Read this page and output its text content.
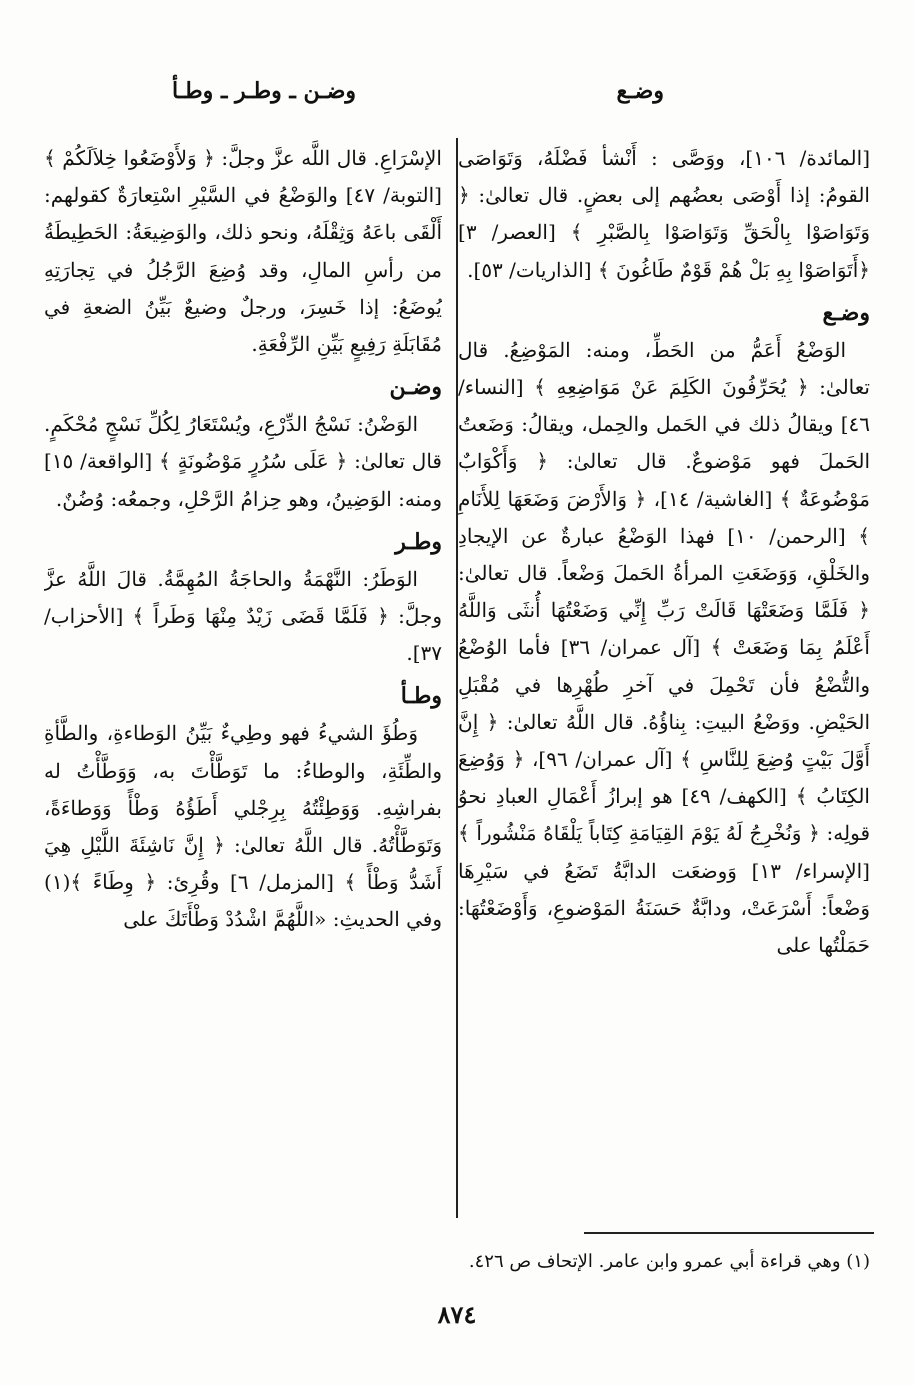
وضـع
وضـن ـ وطـر ـ وطـأ

[المائدة/ ١٠٦]، ووَصَّى : أَنْشأ فَضْلَهُ، وَتَوَاصَى القومُ: إذا أَوْصَى بعضُهم إلى بعضٍ. قال تعالىٰ: ﴿ وَتَوَاصَوْا بِالْحَقِّ وَتَوَاصَوْا بِالصَّبْرِ ﴾ [العصر/ ٣] ﴿أَتَوَاصَوْا بِهِ بَلْ هُمْ قَوْمٌ طَاغُونَ ﴾ [الذاريات/ ٥٣].

وضـع

الوَضْعُ أَعَمُّ من الحَطِّ، ومنه: المَوْضِعُ. قال تعالىٰ: ﴿ يُحَرِّفُونَ الكَلِمَ عَنْ مَوَاضِعِهِ ﴾ [النساء/ ٤٦] ويقالُ ذلك في الحَمل والحِمل، ويقالُ: وَضَعتُ الحَملَ فهو مَوْضوعٌ. قال تعالىٰ: ﴿ وَأَكْوَابٌ مَوْضُوعَةٌ ﴾ [الغاشية/ ١٤]، ﴿ وَالأَرْضَ وَضَعَهَا لِلأَنَامِ ﴾ [الرحمن/ ١٠] فهذا الوَضْعُ عبارةٌ عن الإيجادِ والخَلْقِ، وَوَضَعَتِ المرأةُ الحَملَ وَضْعاً. قال تعالىٰ: ﴿ فَلَمَّا وَضَعَتْهَا قَالَتْ رَبِّ إِنِّي وَضَعْتُهَا أُنثَى وَاللَّهُ أَعْلَمُ بِمَا وَضَعَتْ ﴾ [آل عمران/ ٣٦] فأما الوُضْعُ والتُّضْعُ فأن تَحْمِلَ في آخرِ طُهْرِها في مُقْبَلِ الحَيْضِ. ووَضْعُ البيتِ: بِناؤُهُ. قال اللَّهُ تعالىٰ: ﴿ إِنَّ أَوَّلَ بَيْتٍ وُضِعَ لِلنَّاسِ ﴾ [آل عمران/ ٩٦]، ﴿ وَوُضِعَ الكِتَابُ ﴾ [الكهف/ ٤٩] هو إبرازُ أَعْمَالِ العبادِ نحوُ قولِه: ﴿ وَنُخْرِجُ لَهُ يَوْمَ القِيَامَةِ كِتَاباً يَلْقَاهُ مَنْشُوراً ﴾ [الإسراء/ ١٣] وَوضعَت الدابَّةُ تَضَعُ في سَيْرِهَا وَضْعاً: أَسْرَعَتْ، ودابَّةٌ حَسَنَةُ المَوْضوعِ، وَأَوْضَعْتُهَا: حَمَلْتُها على

الإسْرَاعِ. قال اللَّه عزَّ وجلَّ: ﴿ وَلأَوْضَعُوا خِلاَلَكُمْ ﴾ [التوبة/ ٤٧] والوَضْعُ في السَّيْرِ اسْتِعارَةٌ كقولهم: أَلْقَى باعَهُ وَثِقْلَهُ، ونحو ذلك، والوَضِيعَةُ: الحَطِيطَةُ من رأسِ المالِ، وقد وُضِعَ الرَّجُلُ في تِجارَتِهِ يُوضَعُ: إذا خَسِرَ، ورجلٌ وضيعٌ بَيِّنُ الضعةِ في مُقَابَلَةِ رَفِيعٍ بَيِّنِ الرِّفْعَةِ.

وضـن

الوَضْنُ: نَسْجُ الدِّرْعِ، ويُسْتَعَارُ لِكُلِّ نَسْجٍ مُحْكَمٍ. قال تعالىٰ: ﴿ عَلَى سُرُرٍ مَوْضُونَةٍ ﴾ [الواقعة/ ١٥] ومنه: الوَضِينُ، وهو حِزامُ الرَّحْلِ، وجمعُه: وُضُنٌ.

وطـر

الوَطَرُ: النَّهْمَةُ والحاجَةُ المُهِمَّةُ. قالَ اللَّهُ عزَّ وجلَّ: ﴿ فَلَمَّا قَضَى زَيْدٌ مِنْهَا وَطَراً ﴾ [الأحزاب/ ٣٧].

وطـأ

وَطُؤَ الشيءُ فهو وطِيءٌ بَيِّنُ الوَطاءةِ، والطَّأةِ والطِّئَةِ، والوطاءُ: ما تَوَطَّأْتَ به، وَوَطَّأْتُ له بفراشِهِ. وَوَطِئْتُهُ بِرِجْلي أَطَؤُهُ وَطْأً وَوَطاءَةً، وَتَوَطَّأْتُهُ. قال اللَّهُ تعالىٰ: ﴿ إِنَّ نَاشِئَةَ اللَّيْلِ هِيَ أَشَدُّ وَطْأً ﴾ [المزمل/ ٦] وقُرِئ: ﴿ وِطَاءً ﴾(١) وفي الحديثِ: «اللَّهُمَّ اشْدُدْ وَطْأَتَكَ على

(١) وهي قراءة أبي عمرو وابن عامر. الإتحاف ص ٤٢٦.
٨٧٤
